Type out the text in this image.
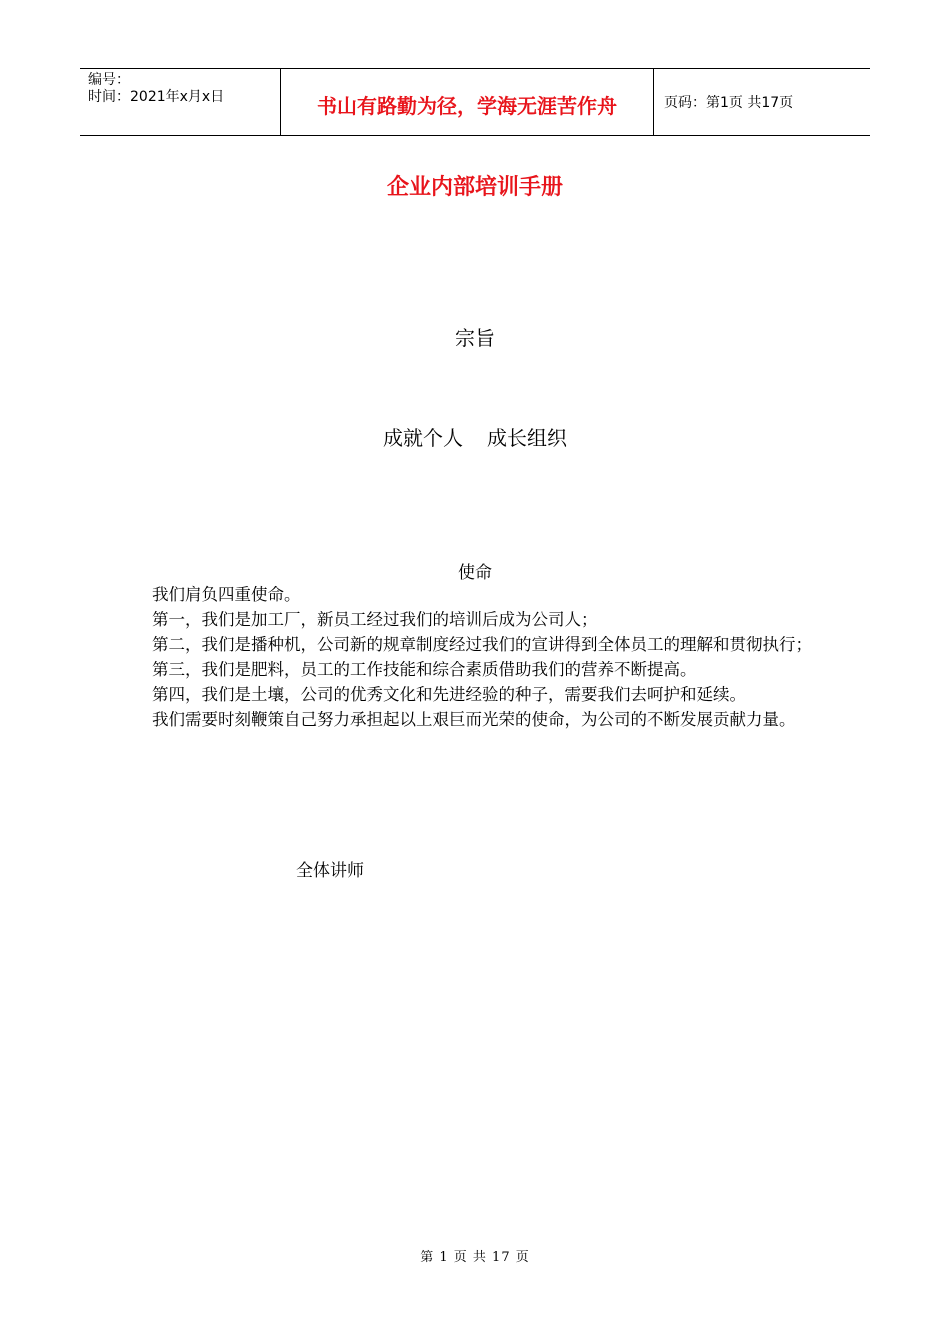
编号：
时间：2021年x月x日	书山有路勤为径，学海无涯苦作舟	页码：第1页 共17页
企业内部培训手册
宗旨
成就个人 成长组织
使命

我们肩负四重使命。

第一，我们是加工厂，新员工经过我们的培训后成为公司人；

第二，我们是播种机，公司新的规章制度经过我们的宣讲得到全体员工的理解和贯彻执行；

第三，我们是肥料，员工的工作技能和综合素质借助我们的营养不断提高。

第四，我们是土壤，公司的优秀文化和先进经验的种子，需要我们去呵护和延续。

我们需要时刻鞭策自己努力承担起以上艰巨而光荣的使命，为公司的不断发展贡献力量。

全体讲师
第 1 页 共 17 页
